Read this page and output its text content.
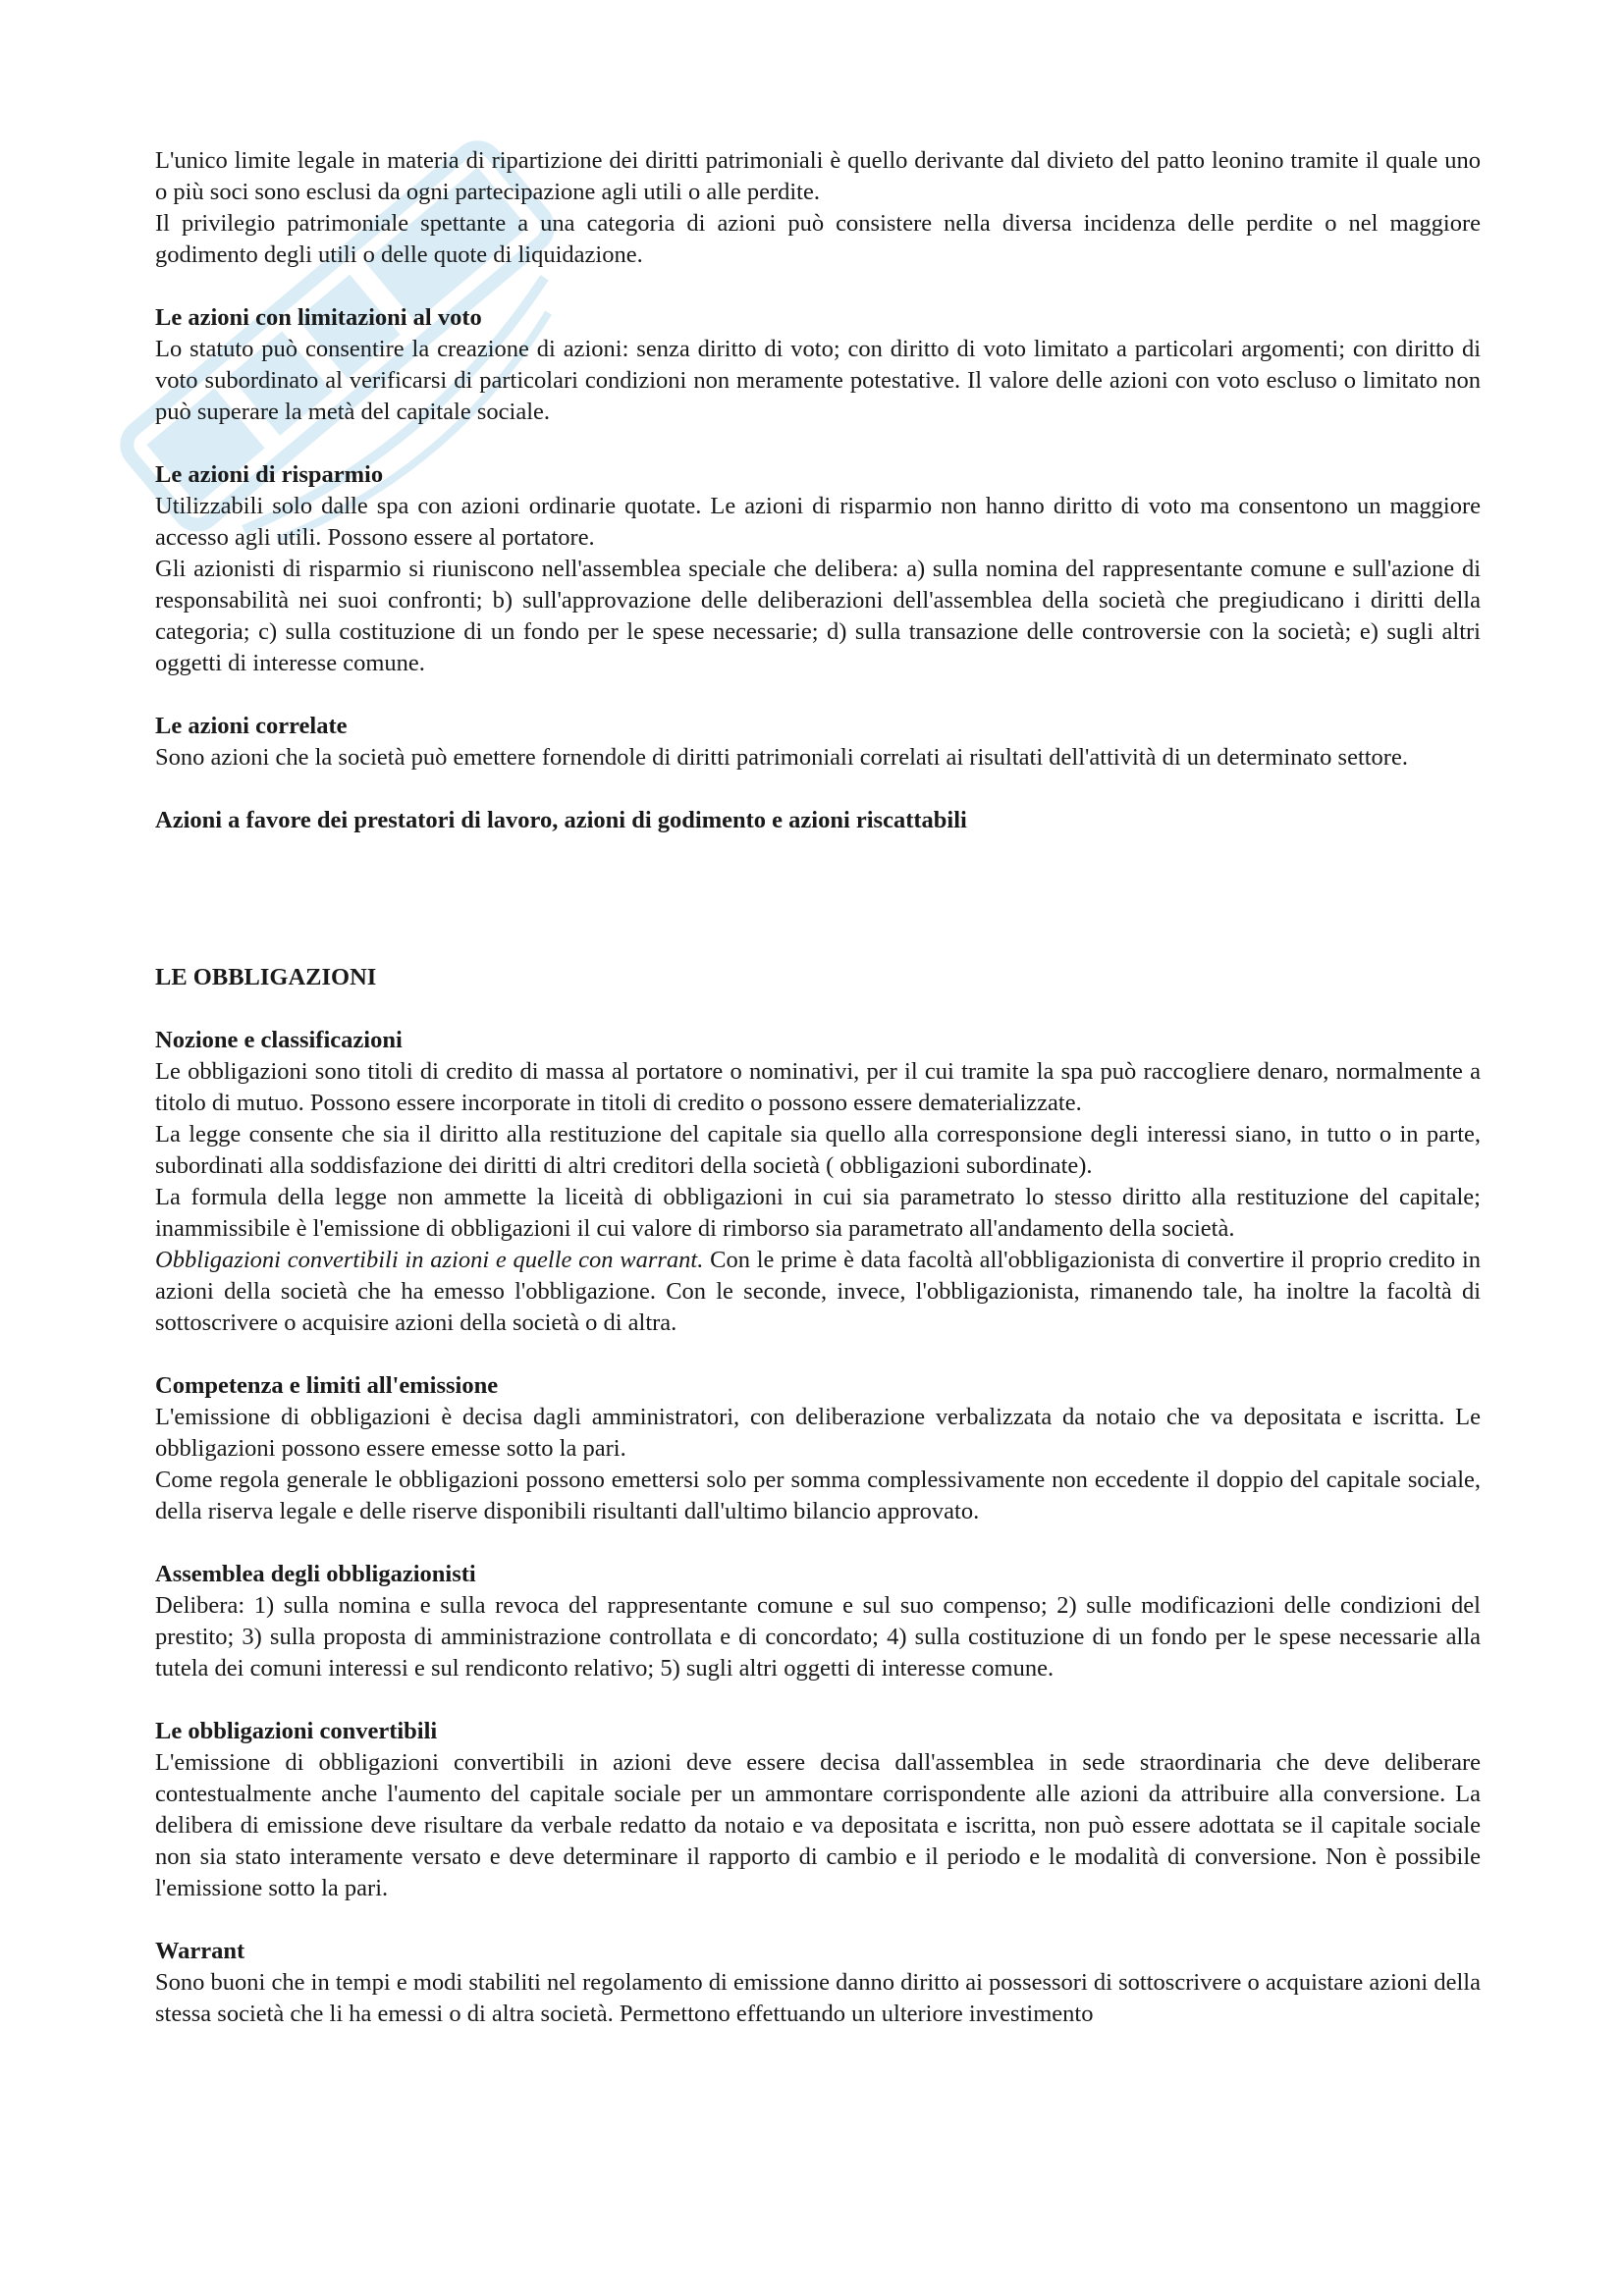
L'unico limite legale in materia di ripartizione dei diritti patrimoniali è quello derivante dal divieto del patto leonino tramite il quale uno o più soci sono esclusi da ogni partecipazione agli utili o alle perdite.

Il privilegio patrimoniale spettante a una categoria di azioni può consistere nella diversa incidenza delle perdite o nel maggiore godimento degli utili o delle quote di liquidazione.

Le azioni con limitazioni al voto

Lo statuto può consentire la creazione di azioni: senza diritto di voto; con diritto di voto limitato a particolari argomenti; con diritto di voto subordinato al verificarsi di particolari condizioni non meramente potestative. Il valore delle azioni con voto escluso o limitato non può superare la metà del capitale sociale.

Le azioni di risparmio

Utilizzabili solo dalle spa con azioni ordinarie quotate. Le azioni di risparmio non hanno diritto di voto ma consentono un maggiore accesso agli utili. Possono essere al portatore.

Gli azionisti di risparmio si riuniscono nell'assemblea speciale che delibera: a) sulla nomina del rappresentante comune e sull'azione di responsabilità nei suoi confronti; b) sull'approvazione delle deliberazioni dell'assemblea della società che pregiudicano i diritti della categoria; c) sulla costituzione di un fondo per le spese necessarie; d) sulla transazione delle controversie con la società; e) sugli altri oggetti di interesse comune.

Le azioni correlate

Sono azioni che la società può emettere fornendole di diritti patrimoniali correlati ai risultati dell'attività di un determinato settore.

Azioni a favore dei prestatori di lavoro, azioni di godimento e azioni riscattabili

LE OBBLIGAZIONI

Nozione e classificazioni

Le obbligazioni sono titoli di credito di massa al portatore o nominativi, per il cui tramite la spa può raccogliere denaro, normalmente a titolo di mutuo. Possono essere incorporate in titoli di credito o possono essere dematerializzate.

La legge consente che sia il diritto alla restituzione del capitale sia quello alla corresponsione degli interessi siano, in tutto o in parte, subordinati alla soddisfazione dei diritti di altri creditori della società ( obbligazioni subordinate).

La formula della legge non ammette la liceità di obbligazioni in cui sia parametrato lo stesso diritto alla restituzione del capitale; inammissibile è l'emissione di obbligazioni il cui valore di rimborso sia parametrato all'andamento della società.

Obbligazioni convertibili in azioni e quelle con warrant. Con le prime è data facoltà all'obbligazionista di convertire il proprio credito in azioni della società che ha emesso l'obbligazione. Con le seconde, invece, l'obbligazionista, rimanendo tale, ha inoltre la facoltà di sottoscrivere o acquisire azioni della società o di altra.

Competenza e limiti all'emissione

L'emissione di obbligazioni è decisa dagli amministratori, con deliberazione verbalizzata da notaio che va depositata e iscritta. Le obbligazioni possono essere emesse sotto la pari.

Come regola generale le obbligazioni possono emettersi solo per somma complessivamente non eccedente il doppio del capitale sociale, della riserva legale e delle riserve disponibili risultanti dall'ultimo bilancio approvato.

Assemblea degli obbligazionisti

Delibera: 1) sulla nomina e sulla revoca del rappresentante comune e sul suo compenso; 2) sulle modificazioni delle condizioni del prestito; 3) sulla proposta di amministrazione controllata e di concordato; 4) sulla costituzione di un fondo per le spese necessarie alla tutela dei comuni interessi e sul rendiconto relativo; 5) sugli altri oggetti di interesse comune.

Le obbligazioni convertibili

L'emissione di obbligazioni convertibili in azioni deve essere decisa dall'assemblea in sede straordinaria che deve deliberare contestualmente anche l'aumento del capitale sociale per un ammontare corrispondente alle azioni da attribuire alla conversione. La delibera di emissione deve risultare da verbale redatto da notaio e va depositata e iscritta, non può essere adottata se il capitale sociale non sia stato interamente versato e deve determinare il rapporto di cambio e il periodo e le modalità di conversione. Non è possibile l'emissione sotto la pari.

Warrant

Sono buoni che in tempi e modi stabiliti nel regolamento di emissione danno diritto ai possessori di sottoscrivere o acquistare azioni della stessa società che li ha emessi o di altra società. Permettono effettuando un ulteriore investimento
